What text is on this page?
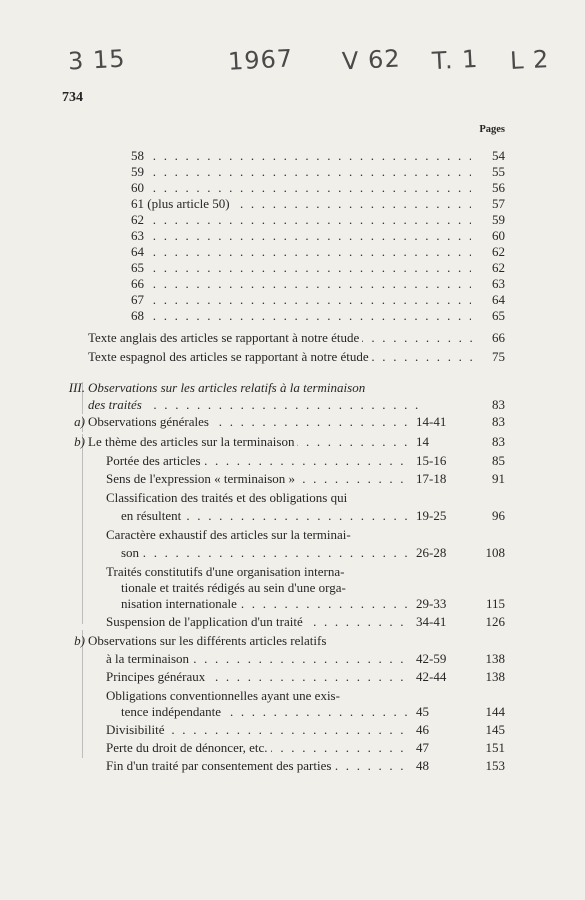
3 15	1967 V 62 T. 1 L 2
734
Pages
58 . . .	54
59 . . .	55
60 . . .	56
61 (plus article 50) . . .	57
62 . . .	59
63 . . .	60
64 . . .	62
65 . . .	62
66 . . .	63
67 . . .	64
68 . . .	65
Texte anglais des articles se rapportant à notre étude . . .	66
Texte espagnol des articles se rapportant à notre étude . . .	75
III. Observations sur les articles relatifs à la terminaison
des traités . . .	83
a) Observations générales . . .	14-41	83
b) Le thème des articles sur la terminaison . . .	14	83
Portée des articles . . .	15-16	85
Sens de l'expression « terminaison » . . .	17-18	91
Classification des traités et des obligations qui
en résultent . . .	19-25	96
Caractère exhaustif des articles sur la terminai-
son . . .	26-28	108
Traités constitutifs d'une organisation interna-
tionale et traités rédigés au sein d'une orga-
nisation internationale . . .	29-33	115
Suspension de l'application d'un traité . . .	34-41	126
b) Observations sur les différents articles relatifs
à la terminaison . . .	42-59	138
Principes généraux . . .	42-44	138
Obligations conventionnelles ayant une exis-
tence indépendante . . .	45	144
Divisibilité . . .	46	145
Perte du droit de dénoncer, etc. . . .	47	151
Fin d'un traité par consentement des parties . . .	48	153
